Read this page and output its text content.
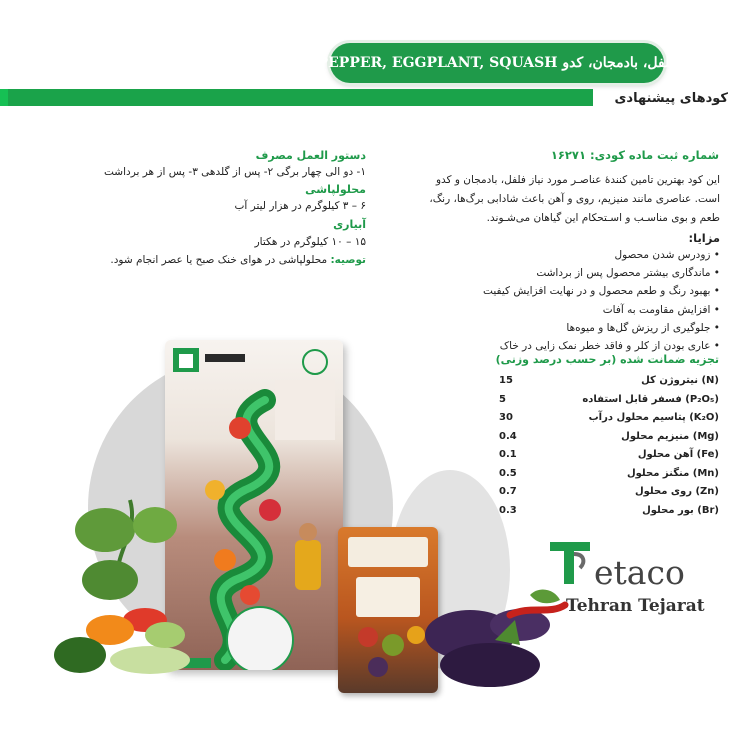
PEPPER, EGGPLANT, SQUASH فلفل، بادمجان، کدو
کودهای پیشنهادی
شماره ثبت ماده کودی: ۱۶۲۷۱
این کود بهترین تامین کنندهٔ عناصـر مورد نیاز فلفل، بادمجان و کدو
است. عناصری مانند منیزیم، روی و آهن باعث شادابی برگ‌ها، رنگ،
طعم و بوی مناسـب و اسـتحکام این گیاهان می‌شـوند.
مزایا:
• زودرس شدن محصول
• ماندگاری بیشتر محصول پس از برداشت
• بهبود رنگ و طعم محصول و در نهایت افزایش کیفیت
• افزایش مقاومت به آفات
• جلوگیری از ریزش گل‌ها و میوه‌ها
• عاری بودن از کلر و فاقد خطر نمک زایی در خاک
تجزیه ضمانت شده (بر حسب درصد وزنی)
نیتروژن کل (N)
15
فسفر قابل استفاده (P₂O₅)
5
پتاسیم محلول درآب (K₂O)
30
منیزیم محلول (Mg)
0.4
آهن محلول (Fe)
0.1
منگنز محلول (Mn)
0.5
روی محلول (Zn)
0.7
بور محلول (Br)
0.3
دستور العمل مصرف
۱- دو الی چهار برگی ۲- پس از گلدهی ۳- پس از هر برداشت
محلولپاشی
۶ – ۳ کیلوگرم در هزار لیتر آب
آبیاری
۱۵ – ۱۰ کیلوگرم در هکتار
توصیه: محلولپاشی در هوای خنک صبح یا عصر انجام شود.
etaco
Tehran Tejarat
